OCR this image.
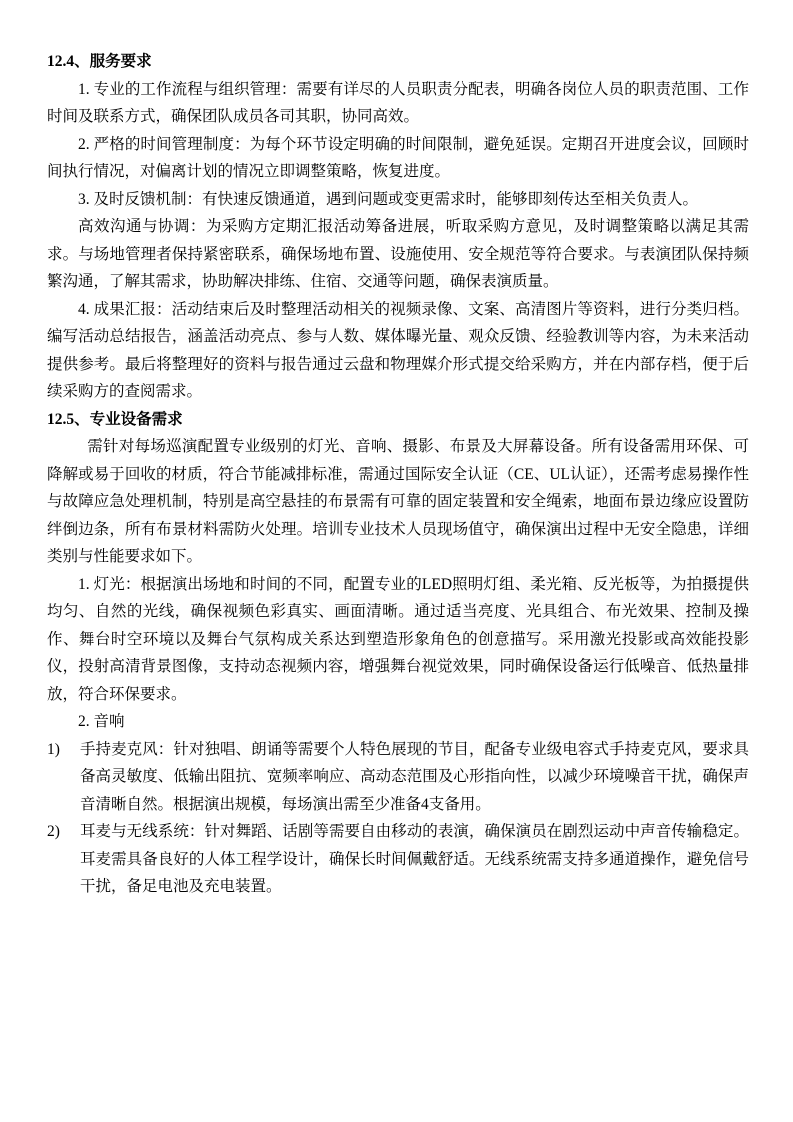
12.4、服务要求

1. 专业的工作流程与组织管理：需要有详尽的人员职责分配表，明确各岗位人员的职责范围、工作时间及联系方式，确保团队成员各司其职，协同高效。

2. 严格的时间管理制度：为每个环节设定明确的时间限制，避免延误。定期召开进度会议，回顾时间执行情况，对偏离计划的情况立即调整策略，恢复进度。

3. 及时反馈机制：有快速反馈通道，遇到问题或变更需求时，能够即刻传达至相关负责人。

高效沟通与协调：为采购方定期汇报活动筹备进展，听取采购方意见，及时调整策略以满足其需求。与场地管理者保持紧密联系，确保场地布置、设施使用、安全规范等符合要求。与表演团队保持频繁沟通，了解其需求，协助解决排练、住宿、交通等问题，确保表演质量。

4. 成果汇报：活动结束后及时整理活动相关的视频录像、文案、高清图片等资料，进行分类归档。编写活动总结报告，涵盖活动亮点、参与人数、媒体曝光量、观众反馈、经验教训等内容，为未来活动提供参考。最后将整理好的资料与报告通过云盘和物理媒介形式提交给采购方，并在内部存档，便于后续采购方的查阅需求。

12.5、专业设备需求

需针对每场巡演配置专业级别的灯光、音响、摄影、布景及大屏幕设备。所有设备需用环保、可降解或易于回收的材质，符合节能减排标准，需通过国际安全认证（CE、UL认证），还需考虑易操作性与故障应急处理机制，特别是高空悬挂的布景需有可靠的固定装置和安全绳索，地面布景边缘应设置防绊倒边条，所有布景材料需防火处理。培训专业技术人员现场值守，确保演出过程中无安全隐患，详细类别与性能要求如下。

1. 灯光：根据演出场地和时间的不同，配置专业的LED照明灯组、柔光箱、反光板等，为拍摄提供均匀、自然的光线，确保视频色彩真实、画面清晰。通过适当亮度、光具组合、布光效果、控制及操作、舞台时空环境以及舞台气氛构成关系达到塑造形象角色的创意描写。采用激光投影或高效能投影仪，投射高清背景图像，支持动态视频内容，增强舞台视觉效果，同时确保设备运行低噪音、低热量排放，符合环保要求。

2. 音响

1)	手持麦克风：针对独唱、朗诵等需要个人特色展现的节目，配备专业级电容式手持麦克风，要求具备高灵敏度、低输出阻抗、宽频率响应、高动态范围及心形指向性，以减少环境噪音干扰，确保声音清晰自然。根据演出规模，每场演出需至少准备4支备用。
2)	耳麦与无线系统：针对舞蹈、话剧等需要自由移动的表演，确保演员在剧烈运动中声音传输稳定。耳麦需具备良好的人体工程学设计，确保长时间佩戴舒适。无线系统需支持多通道操作，避免信号干扰，备足电池及充电装置。
